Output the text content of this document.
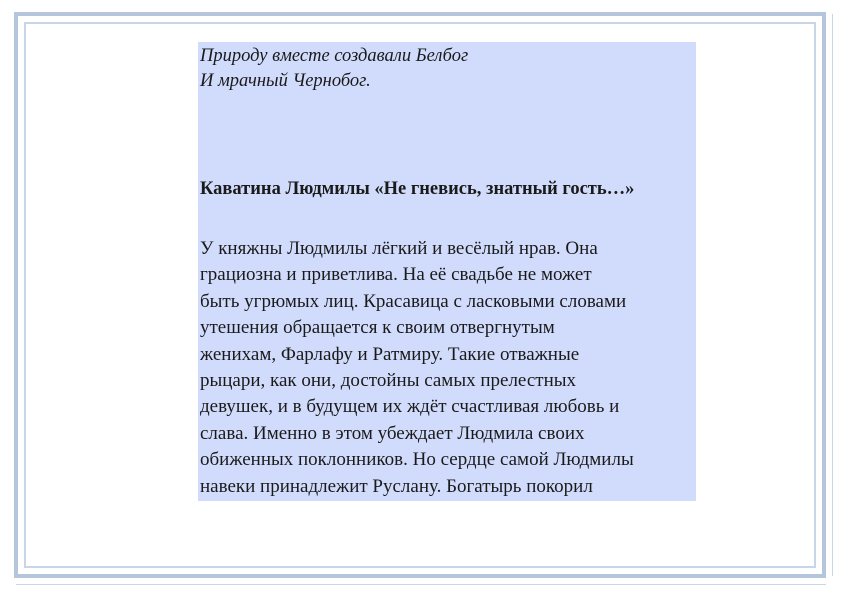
Природу вместе создавали Белбог
И мрачный Чернобог.

Каватина Людмилы «Не гневись, знатный гость…»

У княжны Людмилы лёгкий и весёлый нрав. Она
грациозна и приветлива. На её свадьбе не может
быть угрюмых лиц. Красавица с ласковыми словами
утешения обращается к своим отвергнутым
женихам, Фарлафу и Ратмиру. Такие отважные
рыцари, как они, достойны самых прелестных
девушек, и в будущем их ждёт счастливая любовь и
слава. Именно в этом убеждает Людмила своих
обиженных поклонников. Но сердце самой Людмилы
навеки принадлежит Руслану. Богатырь покорил
